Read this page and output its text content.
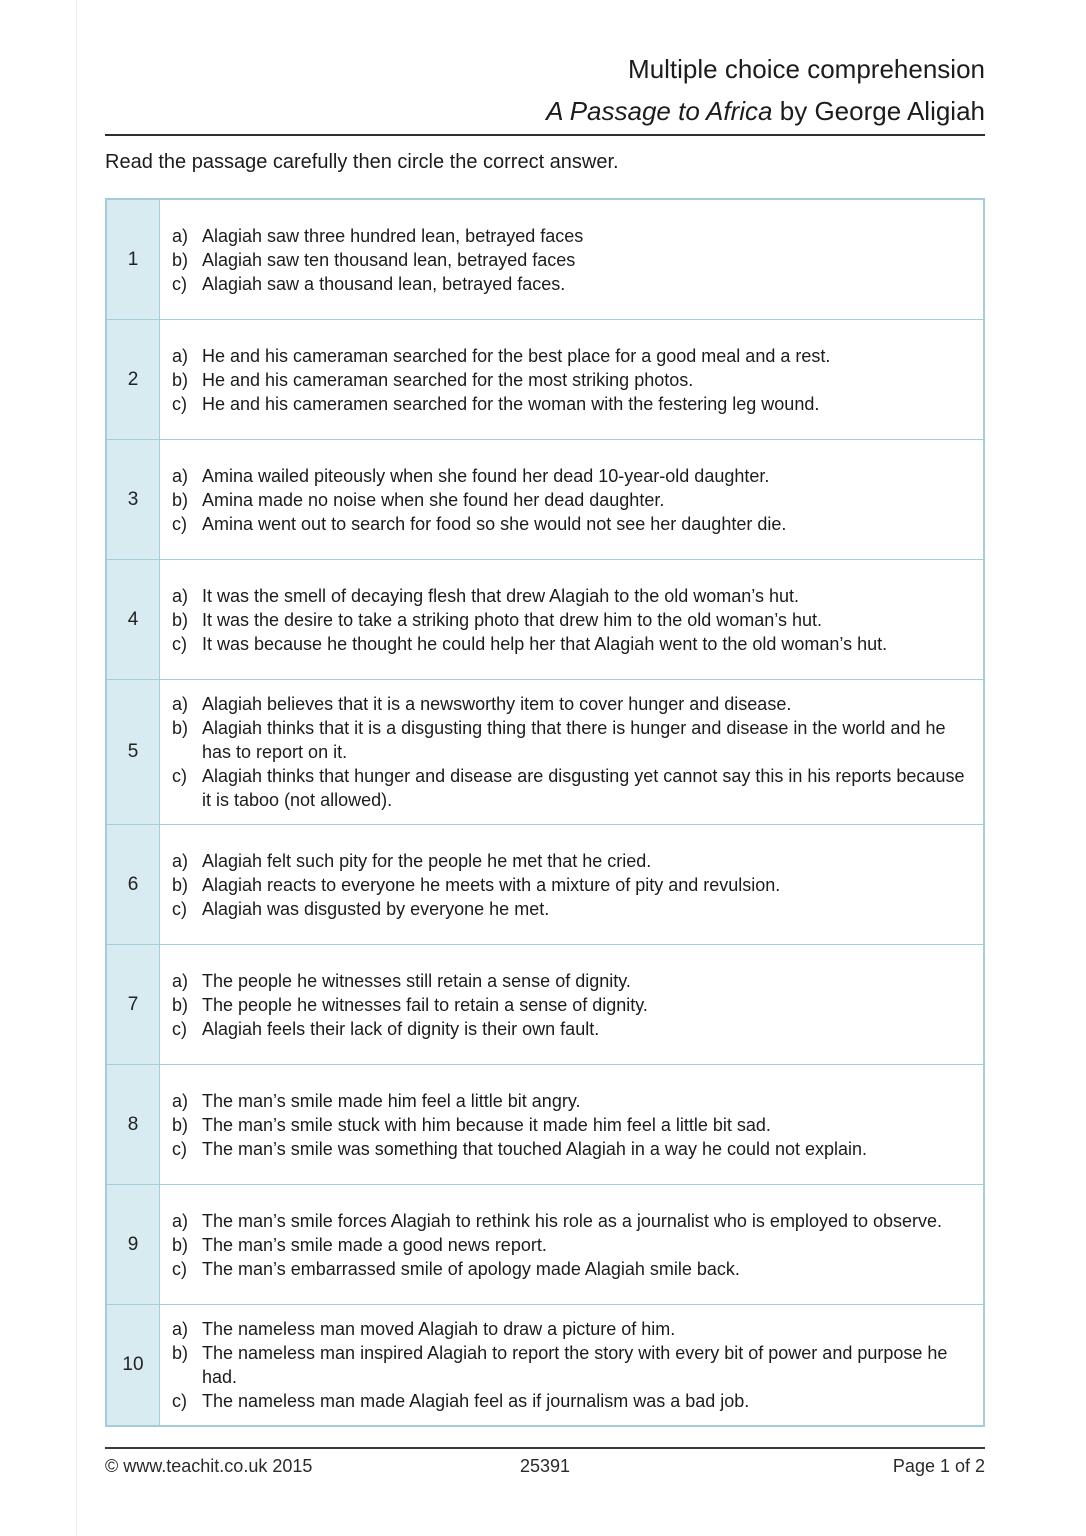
Multiple choice comprehension
A Passage to Africa by George Aligiah

Read the passage carefully then circle the correct answer.

1	
a) Alagiah saw three hundred lean, betrayed faces
b) Alagiah saw ten thousand lean, betrayed faces
c) Alagiah saw a thousand lean, betrayed faces.

2	
a) He and his cameraman searched for the best place for a good meal and a rest.
b) He and his cameraman searched for the most striking photos.
c) He and his cameramen searched for the woman with the festering leg wound.

3	
a) Amina wailed piteously when she found her dead 10-year-old daughter.
b) Amina made no noise when she found her dead daughter.
c) Amina went out to search for food so she would not see her daughter die.

4	
a) It was the smell of decaying flesh that drew Alagiah to the old woman’s hut.
b) It was the desire to take a striking photo that drew him to the old woman’s hut.
c) It was because he thought he could help her that Alagiah went to the old woman’s hut.

5	
a) Alagiah believes that it is a newsworthy item to cover hunger and disease.
b) Alagiah thinks that it is a disgusting thing that there is hunger and disease in the world and he has to report on it.
c) Alagiah thinks that hunger and disease are disgusting yet cannot say this in his reports because it is taboo (not allowed).

6	
a) Alagiah felt such pity for the people he met that he cried.
b) Alagiah reacts to everyone he meets with a mixture of pity and revulsion.
c) Alagiah was disgusted by everyone he met.

7	
a) The people he witnesses still retain a sense of dignity.
b) The people he witnesses fail to retain a sense of dignity.
c) Alagiah feels their lack of dignity is their own fault.

8	
a) The man’s smile made him feel a little bit angry.
b) The man’s smile stuck with him because it made him feel a little bit sad.
c) The man’s smile was something that touched Alagiah in a way he could not explain.

9	
a) The man’s smile forces Alagiah to rethink his role as a journalist who is employed to observe.
b) The man’s smile made a good news report.
c) The man’s embarrassed smile of apology made Alagiah smile back.

10	
a) The nameless man moved Alagiah to draw a picture of him.
b) The nameless man inspired Alagiah to report the story with every bit of power and purpose he had.
c) The nameless man made Alagiah feel as if journalism was a bad job.
© www.teachit.co.uk 2015	25391	Page 1 of 2
